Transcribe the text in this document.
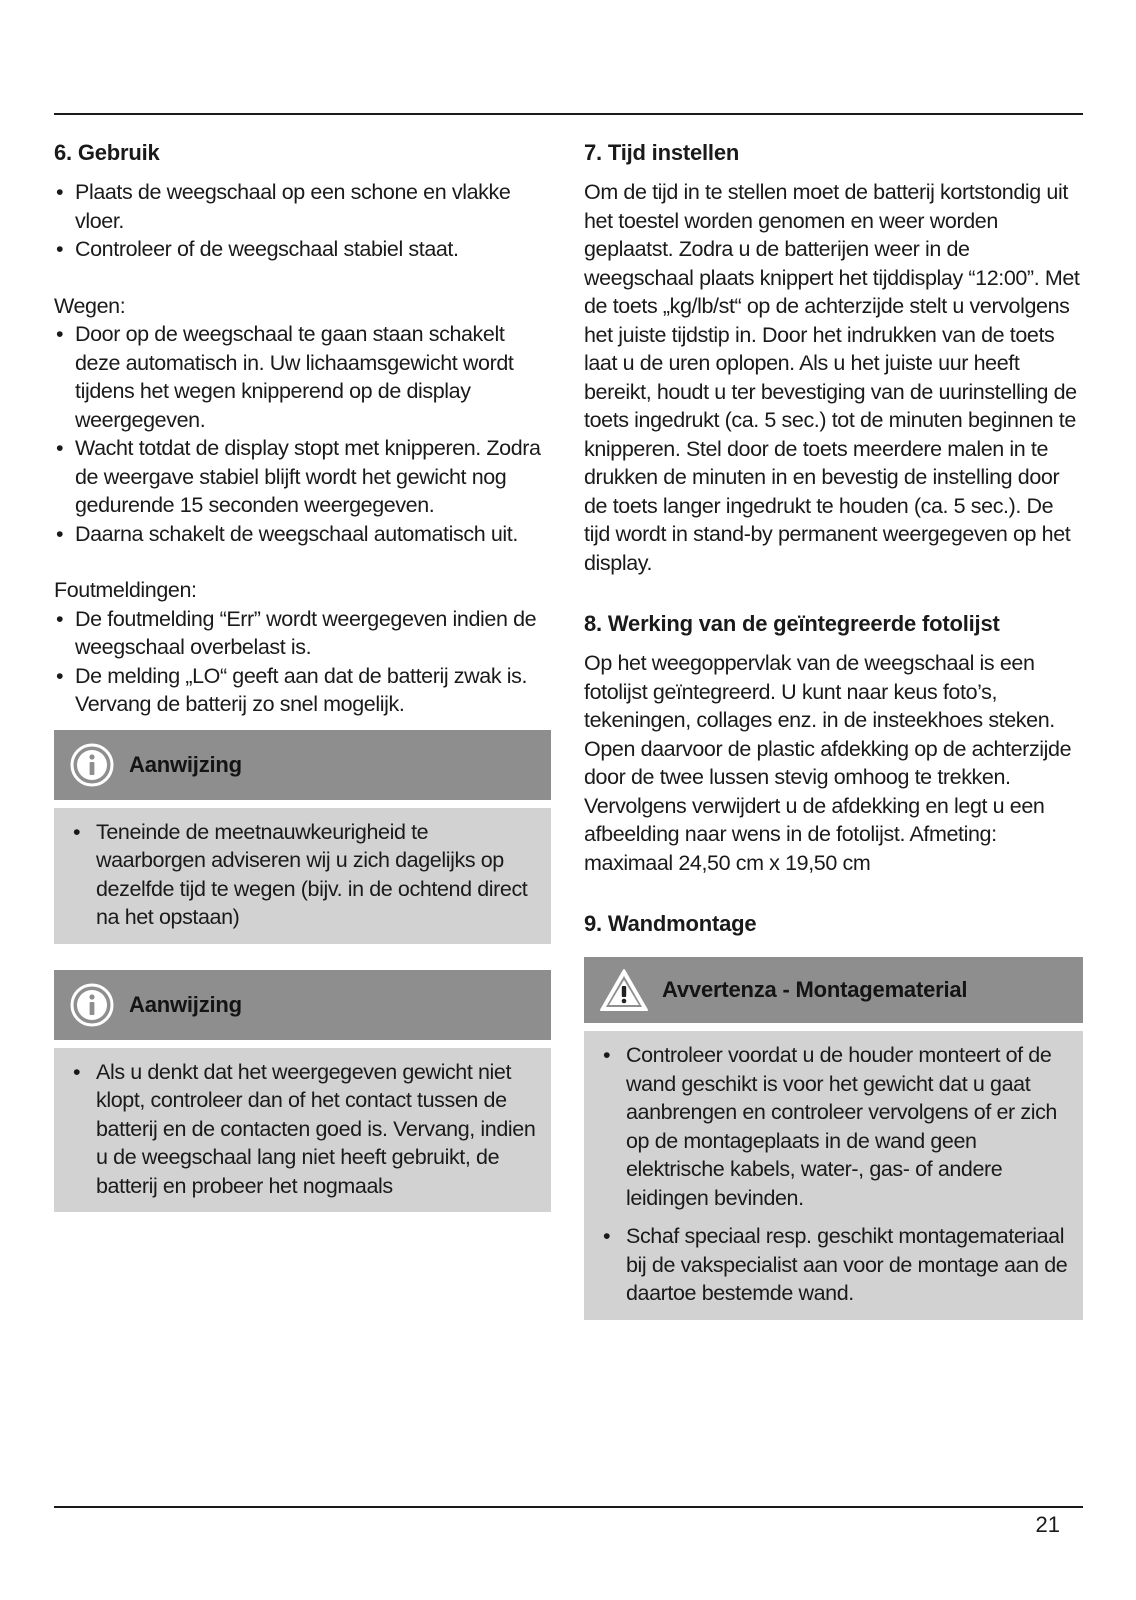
6. Gebruik
• Plaats de weegschaal op een schone en vlakke vloer.
• Controleer of de weegschaal stabiel staat.

Wegen:

• Door op de weegschaal te gaan staan schakelt deze automatisch in. Uw lichaamsgewicht wordt tijdens het wegen knipperend op de display weergegeven.
• Wacht totdat de display stopt met knipperen. Zodra de weergave stabiel blijft wordt het gewicht nog gedurende 15 seconden weergegeven.
• Daarna schakelt de weegschaal automatisch uit.

Foutmeldingen:

• De foutmelding “Err” wordt weergegeven indien de weegschaal overbelast is.
• De melding „LO“ geeft aan dat de batterij zwak is. Vervang de batterij zo snel mogelijk.
Aanwijzing
• Teneinde de meetnauwkeurigheid te waarborgen adviseren wij u zich dagelijks op dezelfde tijd te wegen (bijv. in de ochtend direct na het opstaan)
Aanwijzing
• Als u denkt dat het weergegeven gewicht niet klopt, controleer dan of het contact tussen de batterij en de contacten goed is. Vervang, indien u de weegschaal lang niet heeft gebruikt, de batterij en probeer het nogmaals
7. Tijd instellen

Om de tijd in te stellen moet de batterij kortstondig uit het toestel worden genomen en weer worden geplaatst. Zodra u de batterijen weer in de weegschaal plaats knippert het tijddisplay “12:00”. Met de toets „kg/lb/st“ op de achterzijde stelt u vervolgens het juiste tijdstip in. Door het indrukken van de toets laat u de uren oplopen. Als u het juiste uur heeft bereikt, houdt u ter bevestiging van de uurinstelling de toets ingedrukt (ca. 5 sec.) tot de minuten beginnen te knipperen. Stel door de toets meerdere malen in te drukken de minuten in en bevestig de instelling door de toets langer ingedrukt te houden (ca. 5 sec.). De tijd wordt in stand-by permanent weergegeven op het display.

8. Werking van de geïntegreerde fotolijst

Op het weegoppervlak van de weegschaal is een fotolijst geïntegreerd. U kunt naar keus foto’s, tekeningen, collages enz. in de insteekhoes steken. Open daarvoor de plastic afdekking op de achterzijde door de twee lussen stevig omhoog te trekken. Vervolgens verwijdert u de afdekking en legt u een afbeelding naar wens in de fotolijst. Afmeting: maximaal 24,50 cm x 19,50 cm

9. Wandmontage
Avvertenza - Montagematerial
• Controleer voordat u de houder monteert of de wand geschikt is voor het gewicht dat u gaat aanbrengen en controleer vervolgens of er zich op de montageplaats in de wand geen elektrische kabels, water-, gas- of andere leidingen bevinden.
• Schaf speciaal resp. geschikt montagemateriaal bij de vakspecialist aan voor de montage aan de daartoe bestemde wand.
21
